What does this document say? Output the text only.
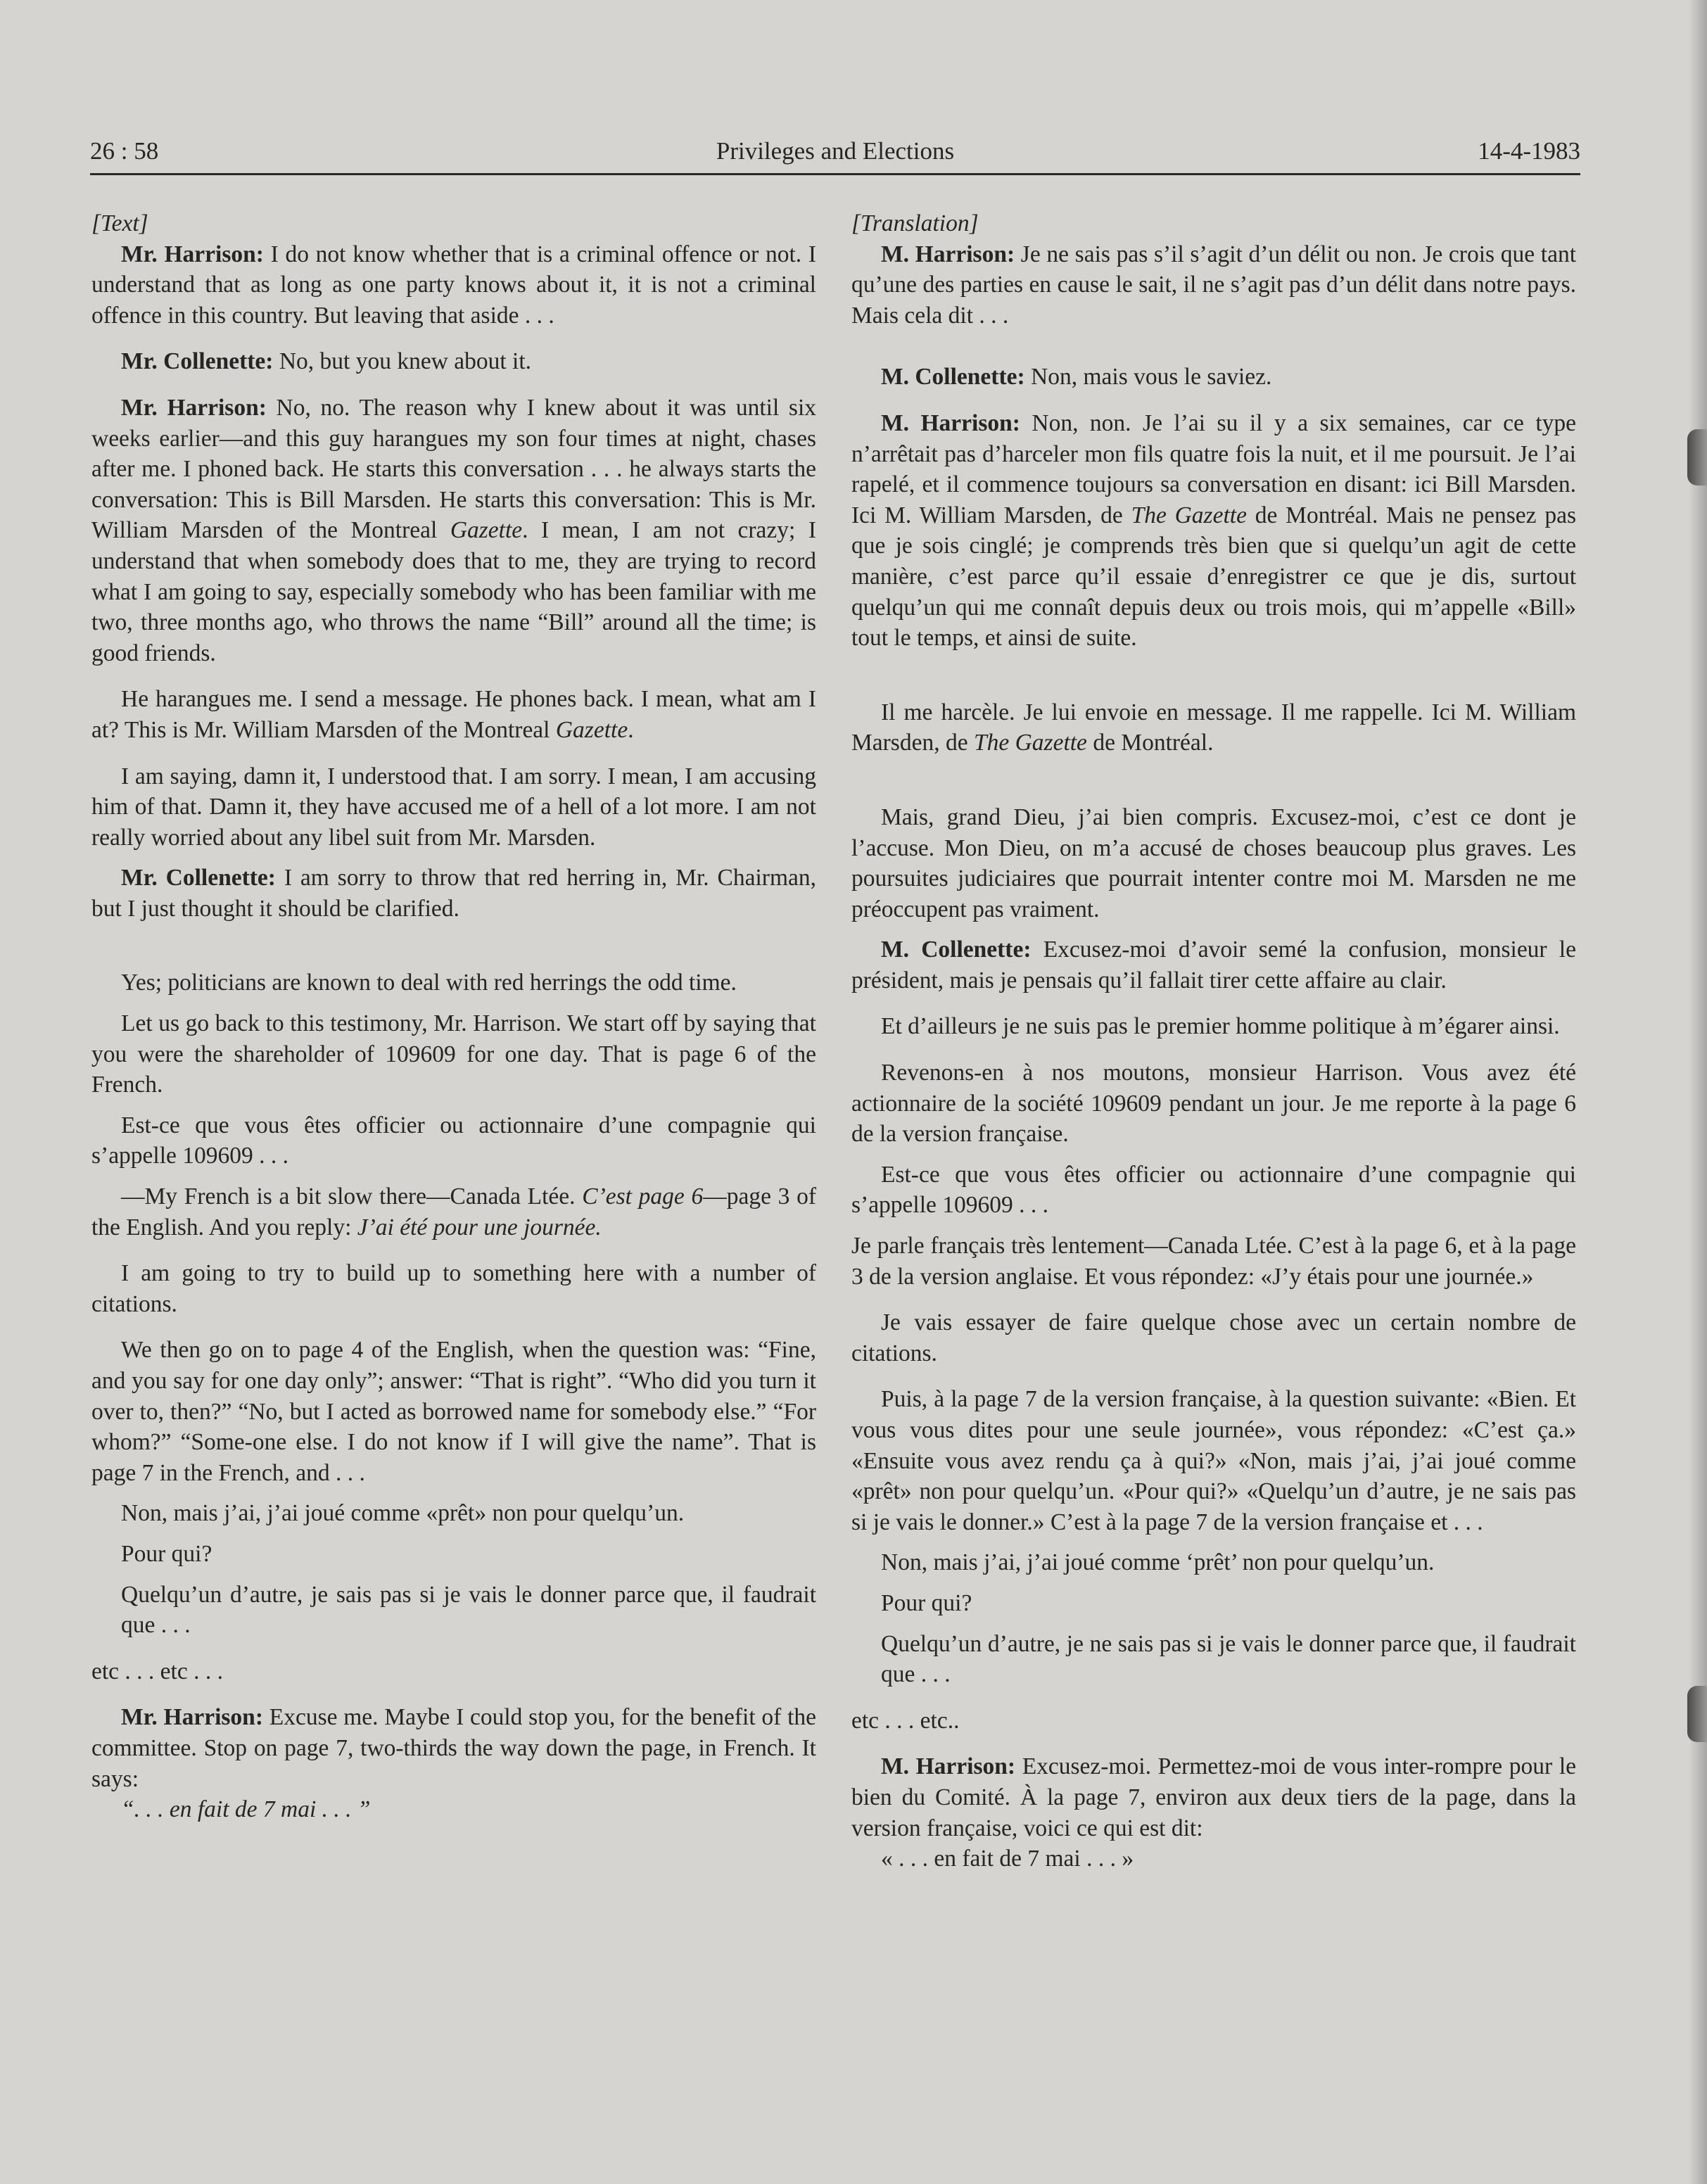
26 : 58	Privileges and Elections	14-4-1983

[Text]

Mr. Harrison: I do not know whether that is a criminal offence or not. I understand that as long as one party knows about it, it is not a criminal offence in this country. But leaving that aside . . .

Mr. Collenette: No, but you knew about it.

Mr. Harrison: No, no. The reason why I knew about it was until six weeks earlier—and this guy harangues my son four times at night, chases after me. I phoned back. He starts this conversation . . . he always starts the conversation: This is Bill Marsden. He starts this conversation: This is Mr. William Marsden of the Montreal Gazette. I mean, I am not crazy; I understand that when somebody does that to me, they are trying to record what I am going to say, especially somebody who has been familiar with me two, three months ago, who throws the name “Bill” around all the time; is good friends.

He harangues me. I send a message. He phones back. I mean, what am I at? This is Mr. William Marsden of the Montreal Gazette.

I am saying, damn it, I understood that. I am sorry. I mean, I am accusing him of that. Damn it, they have accused me of a hell of a lot more. I am not really worried about any libel suit from Mr. Marsden.

Mr. Collenette: I am sorry to throw that red herring in, Mr. Chairman, but I just thought it should be clarified.

Yes; politicians are known to deal with red herrings the odd time.

Let us go back to this testimony, Mr. Harrison. We start off by saying that you were the shareholder of 109609 for one day. That is page 6 of the French.

Est-ce que vous êtes officier ou actionnaire d’une compagnie qui s’appelle 109609 . . .

—My French is a bit slow there—Canada Ltée. C’est page 6—page 3 of the English. And you reply: J’ai été pour une journée.

I am going to try to build up to something here with a number of citations.

We then go on to page 4 of the English, when the question was: “Fine, and you say for one day only”; answer: “That is right”. “Who did you turn it over to, then?” “No, but I acted as borrowed name for somebody else.” “For whom?” “Some-one else. I do not know if I will give the name”. That is page 7 in the French, and . . .

Non, mais j’ai, j’ai joué comme «prêt» non pour quelqu’un.

Pour qui?

Quelqu’un d’autre, je sais pas si je vais le donner parce que, il faudrait que . . .

etc . . . etc . . .

Mr. Harrison: Excuse me. Maybe I could stop you, for the benefit of the committee. Stop on page 7, two-thirds the way down the page, in French. It says:

“. . . en fait de 7 mai . . . ”

[Translation]

M. Harrison: Je ne sais pas s’il s’agit d’un délit ou non. Je crois que tant qu’une des parties en cause le sait, il ne s’agit pas d’un délit dans notre pays. Mais cela dit . . .

M. Collenette: Non, mais vous le saviez.

M. Harrison: Non, non. Je l’ai su il y a six semaines, car ce type n’arrêtait pas d’harceler mon fils quatre fois la nuit, et il me poursuit. Je l’ai rapelé, et il commence toujours sa conversation en disant: ici Bill Marsden. Ici M. William Marsden, de The Gazette de Montréal. Mais ne pensez pas que je sois cinglé; je comprends très bien que si quelqu’un agit de cette manière, c’est parce qu’il essaie d’enregistrer ce que je dis, surtout quelqu’un qui me connaît depuis deux ou trois mois, qui m’appelle «Bill» tout le temps, et ainsi de suite.

Il me harcèle. Je lui envoie en message. Il me rappelle. Ici M. William Marsden, de The Gazette de Montréal.

Mais, grand Dieu, j’ai bien compris. Excusez-moi, c’est ce dont je l’accuse. Mon Dieu, on m’a accusé de choses beaucoup plus graves. Les poursuites judiciaires que pourrait intenter contre moi M. Marsden ne me préoccupent pas vraiment.

M. Collenette: Excusez-moi d’avoir semé la confusion, monsieur le président, mais je pensais qu’il fallait tirer cette affaire au clair.

Et d’ailleurs je ne suis pas le premier homme politique à m’égarer ainsi.

Revenons-en à nos moutons, monsieur Harrison. Vous avez été actionnaire de la société 109609 pendant un jour. Je me reporte à la page 6 de la version française.

Est-ce que vous êtes officier ou actionnaire d’une compagnie qui s’appelle 109609 . . .

Je parle français très lentement—Canada Ltée. C’est à la page 6, et à la page 3 de la version anglaise. Et vous répondez: «J’y étais pour une journée.»

Je vais essayer de faire quelque chose avec un certain nombre de citations.

Puis, à la page 7 de la version française, à la question suivante: «Bien. Et vous vous dites pour une seule journée», vous répondez: «C’est ça.» «Ensuite vous avez rendu ça à qui?» «Non, mais j’ai, j’ai joué comme «prêt» non pour quelqu’un. «Pour qui?» «Quelqu’un d’autre, je ne sais pas si je vais le donner.» C’est à la page 7 de la version française et . . .

Non, mais j’ai, j’ai joué comme ‘prêt’ non pour quelqu’un.

Pour qui?

Quelqu’un d’autre, je ne sais pas si je vais le donner parce que, il faudrait que . . .

etc . . . etc..

M. Harrison: Excusez-moi. Permettez-moi de vous inter-rompre pour le bien du Comité. À la page 7, environ aux deux tiers de la page, dans la version française, voici ce qui est dit:

« . . . en fait de 7 mai . . . »
